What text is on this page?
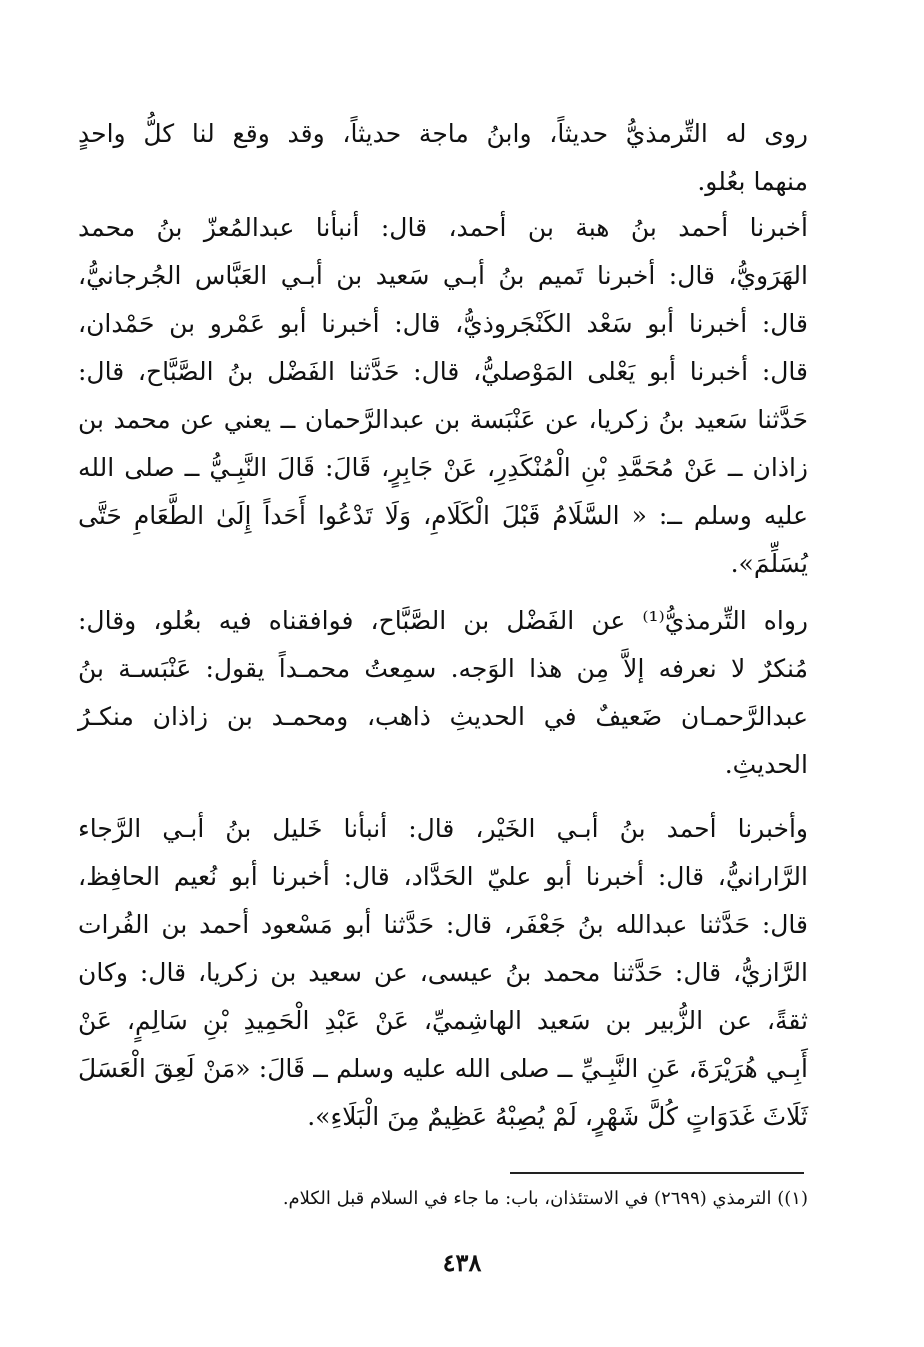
روى له التِّرمذيُّ حديثاً، وابنُ ماجة حديثاً، وقد وقع لنا كلُّ واحدٍ
منهما بعُلو.
أخبرنا أحمد بنُ هبة بن أحمد، قال: أنبأنا عبدالمُعزّ بنُ محمد
الهَرَويُّ، قال: أخبرنا تَميم بنُ أبـي سَعيد بن أبـي العَبَّاس الجُرجانيُّ،
قال: أخبرنا أبو سَعْد الكَنْجَروذيُّ، قال: أخبرنا أبو عَمْرو بن حَمْدان،
قال: أخبرنا أبو يَعْلى المَوْصليُّ، قال: حَدَّثنا الفَضْل بنُ الصَّبَّاح، قال:
حَدَّثنا سَعيد بنُ زكريا، عن عَنْبَسة بن عبدالرَّحمان ــ يعني عن محمد بن
زاذان ــ عَنْ مُحَمَّدِ بْنِ الْمُنْكَدِرِ، عَنْ جَابِرٍ، قَالَ: قَالَ النَّبِـيُّ ــ صلى الله
عليه وسلم ــ: « السَّلَامُ قَبْلَ الْكَلَامِ، وَلَا تَدْعُوا أَحَداً إِلَىٰ الطَّعَامِ حَتَّى
يُسَلِّمَ».
رواه التِّرمذيُّ⁽¹⁾ عن الفَضْل بن الصَّبَّاح، فوافقناه فيه بعُلو، وقال:
مُنكرٌ لا نعرفه إلاَّ مِن هذا الوَجه. سمِعتُ محمـداً يقول: عَنْبَسـة بنُ
عبدالرَّحمـان ضَعيفٌ في الحديثِ ذاهب، ومحمـد بن زاذان منكـرُ
الحديثِ.
وأخبرنا أحمد بنُ أبـي الخَيْر، قال: أنبأنا خَليل بنُ أبـي الرَّجاء
الرَّارانيُّ، قال: أخبرنا أبو عليّ الحَدَّاد، قال: أخبرنا أبو نُعيم الحافِظ،
قال: حَدَّثنا عبدالله بنُ جَعْفَر، قال: حَدَّثنا أبو مَسْعود أحمد بن الفُرات
الرَّازيُّ، قال: حَدَّثنا محمد بنُ عيسى، عن سعيد بن زكريا، قال: وكان
ثقةً، عن الزُّبير بن سَعيد الهاشِميِّ، عَنْ عَبْدِ الْحَمِيدِ بْنِ سَالِمٍ، عَنْ
أَبِـي هُرَيْرَةَ، عَنِ النَّبِـيِّ ــ صلى الله عليه وسلم ــ قَالَ: «مَنْ لَعِقَ الْعَسَلَ
ثَلَاثَ غَدَوَاتٍ كُلَّ شَهْرٍ، لَمْ يُصِبْهُ عَظِيمٌ مِنَ الْبَلَاءِ».
(١)) الترمذي (٢٦٩٩) في الاستئذان، باب: ما جاء في السلام قبل الكلام.
٤٣٨
